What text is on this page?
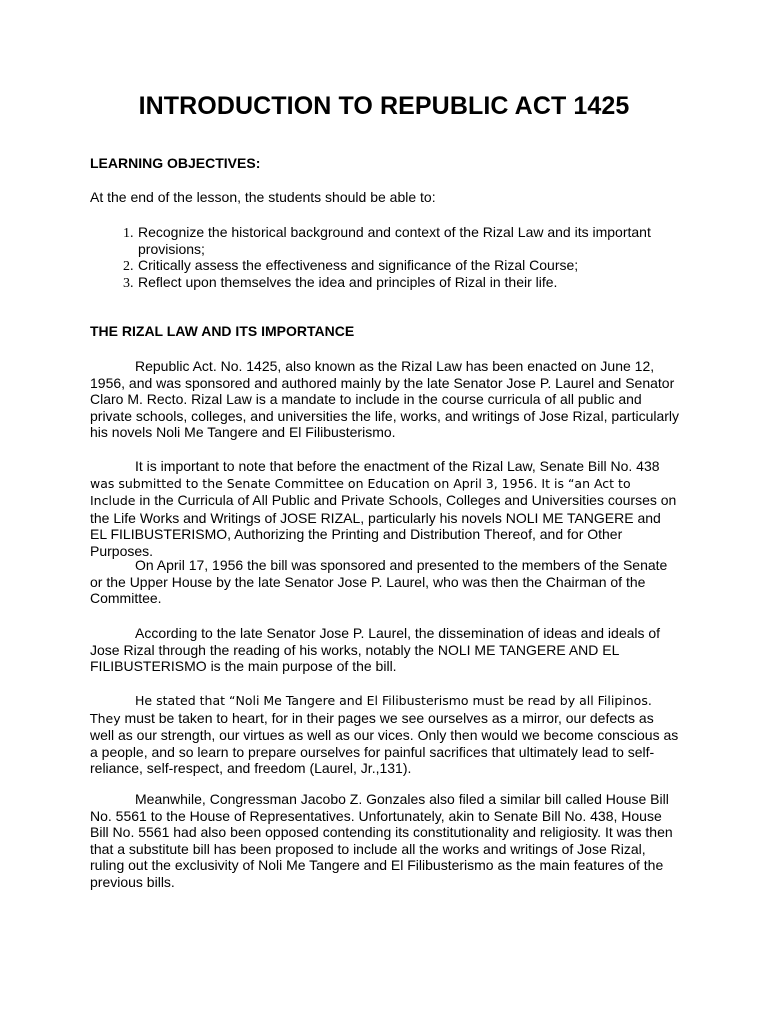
INTRODUCTION TO REPUBLIC ACT 1425

LEARNING OBJECTIVES:

At the end of the lesson, the students should be able to:

1. Recognize the historical background and context of the Rizal Law and its important provisions;
2. Critically assess the effectiveness and significance of the Rizal Course;
3. Reflect upon themselves the idea and principles of Rizal in their life.

THE RIZAL LAW AND ITS IMPORTANCE

Republic Act. No. 1425, also known as the Rizal Law has been enacted on June 12, 1956, and was sponsored and authored mainly by the late Senator Jose P. Laurel and Senator Claro M. Recto. Rizal Law is a mandate to include in the course curricula of all public and private schools, colleges, and universities the life, works, and writings of Jose Rizal, particularly his novels Noli Me Tangere and El Filibusterismo.

It is important to note that before the enactment of the Rizal Law, Senate Bill No. 438
was submitted to the Senate Committee on Education on April 3, 1956. It is “an Act to Include in the Curricula of All Public and Private Schools, Colleges and Universities courses on the Life Works and Writings of JOSE RIZAL, particularly his novels NOLI ME TANGERE and EL FILIBUSTERISMO, Authorizing the Printing and Distribution Thereof, and for Other Purposes.

On April 17, 1956 the bill was sponsored and presented to the members of the Senate or the Upper House by the late Senator Jose P. Laurel, who was then the Chairman of the Committee.

According to the late Senator Jose P. Laurel, the dissemination of ideas and ideals of Jose Rizal through the reading of his works, notably the NOLI ME TANGERE AND EL FILIBUSTERISMO is the main purpose of the bill.

He stated that “Noli Me Tangere and El Filibusterismo must be read by all Filipinos. They must be taken to heart, for in their pages we see ourselves as a mirror, our defects as well as our strength, our virtues as well as our vices. Only then would we become conscious as a people, and so learn to prepare ourselves for painful sacrifices that ultimately lead to self-reliance, self-respect, and freedom (Laurel, Jr.,131).

Meanwhile, Congressman Jacobo Z. Gonzales also filed a similar bill called House Bill No. 5561 to the House of Representatives. Unfortunately, akin to Senate Bill No. 438, House Bill No. 5561 had also been opposed contending its constitutionality and religiosity. It was then that a substitute bill has been proposed to include all the works and writings of Jose Rizal, ruling out the exclusivity of Noli Me Tangere and El Filibusterismo as the main features of the previous bills.
